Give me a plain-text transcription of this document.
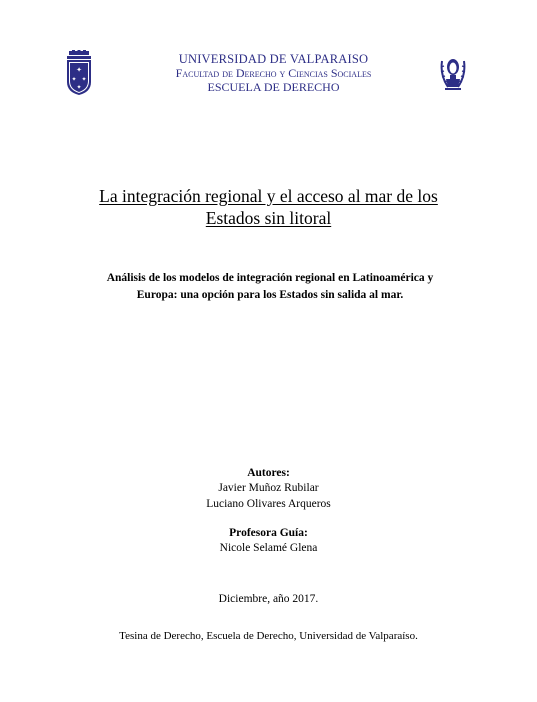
✦
✦ ✦
✦
UNIVERSIDAD DE VALPARAISO
Facultad de Derecho y Ciencias Sociales
ESCUELA DE DERECHO
La integración regional y el acceso al mar de los
Estados sin litoral
Análisis de los modelos de integración regional en Latinoamérica y
Europa: una opción para los Estados sin salida al mar.
Autores:
Javier Muñoz Rubilar
Luciano Olivares Arqueros
Profesora Guía:
Nicole Selamé Glena
Diciembre, año 2017.
Tesina de Derecho, Escuela de Derecho, Universidad de Valparaíso.
